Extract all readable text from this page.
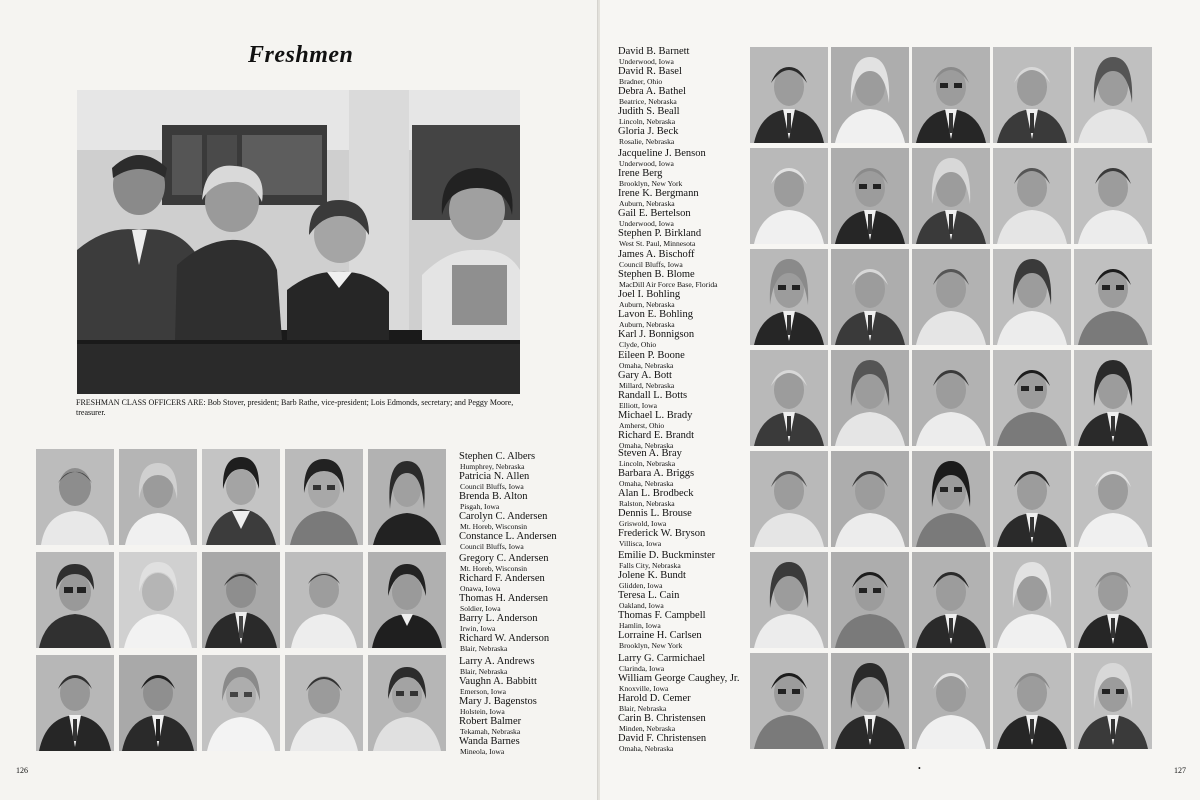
Freshmen
FRESHMAN CLASS OFFICERS ARE: Bob Stover, president; Barb Rathe, vice-president; Lois Edmonds, secretary; and Peggy Moore, treasurer.
Stephen C. Albers
Humphrey, Nebraska
Patricia N. Allen
Council Bluffs, Iowa
Brenda B. Alton
Pisgah, Iowa
Carolyn C. Andersen
Mt. Horeb, Wisconsin
Constance L. Andersen
Council Bluffs, Iowa
Gregory C. Andersen
Mt. Horeb, Wisconsin
Richard F. Andersen
Onawa, Iowa
Thomas H. Andersen
Soldier, Iowa
Barry L. Anderson
Irwin, Iowa
Richard W. Anderson
Blair, Nebraska
Larry A. Andrews
Blair, Nebraska
Vaughn A. Babbitt
Emerson, Iowa
Mary J. Bagenstos
Holstein, Iowa
Robert Balmer
Tekamah, Nebraska
Wanda Barnes
Mineola, Iowa
126
David B. Barnett
Underwood, Iowa
David R. Basel
Bradner, Ohio
Debra A. Bathel
Beatrice, Nebraska
Judith S. Beall
Lincoln, Nebraska
Gloria J. Beck
Rosalie, Nebraska
Jacqueline J. Benson
Underwood, Iowa
Irene Berg
Brooklyn, New York
Irene K. Bergmann
Auburn, Nebraska
Gail E. Bertelson
Underwood, Iowa
Stephen P. Birkland
West St. Paul, Minnesota
James A. Bischoff
Council Bluffs, Iowa
Stephen B. Blome
MacDill Air Force Base, Florida
Joel I. Bohling
Auburn, Nebraska
Lavon E. Bohling
Auburn, Nebraska
Karl J. Bonnigson
Clyde, Ohio
Eileen P. Boone
Omaha, Nebraska
Gary A. Bott
Millard, Nebraska
Randall L. Botts
Elliott, Iowa
Michael L. Brady
Amherst, Ohio
Richard E. Brandt
Omaha, Nebraska
Steven A. Bray
Lincoln, Nebraska
Barbara A. Briggs
Omaha, Nebraska
Alan L. Brodbeck
Ralston, Nebraska
Dennis L. Brouse
Griswold, Iowa
Frederick W. Bryson
Villisca, Iowa
Emilie D. Buckminster
Falls City, Nebraska
Jolene K. Bundt
Glidden, Iowa
Teresa L. Cain
Oakland, Iowa
Thomas F. Campbell
Hamlin, Iowa
Lorraine H. Carlsen
Brooklyn, New York
Larry G. Carmichael
Clarinda, Iowa
William George Caughey, Jr.
Knoxville, Iowa
Harold D. Cemer
Blair, Nebraska
Carin B. Christensen
Minden, Nebraska
David F. Christensen
Omaha, Nebraska
•	127
